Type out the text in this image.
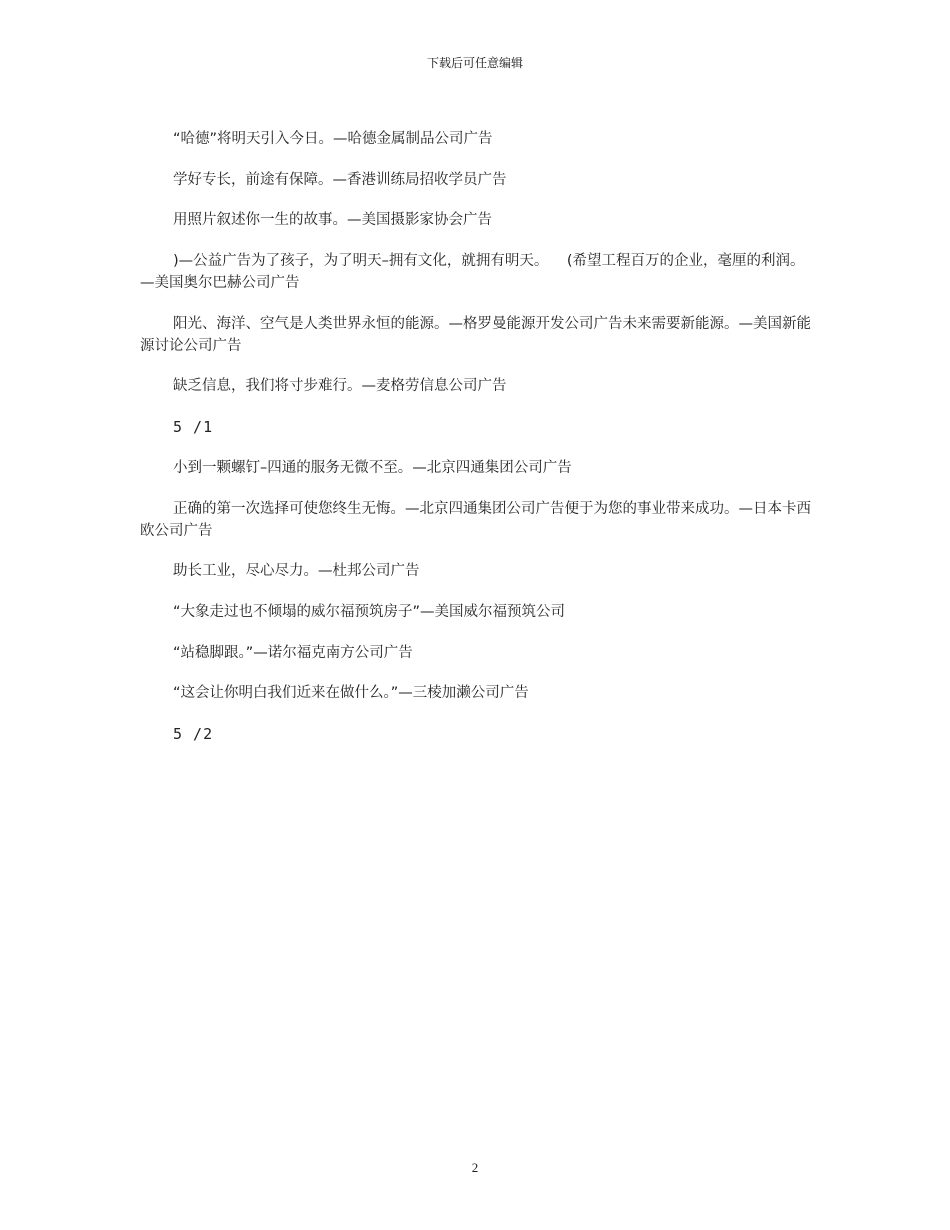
下载后可任意编辑

“哈德”将明天引入今日。—哈德金属制品公司广告

学好专长，前途有保障。—香港训练局招收学员广告

用照片叙述你一生的故事。—美国摄影家协会广告

)—公益广告为了孩子，为了明天–拥有文化，就拥有明天。    (希望工程百万的企业，毫厘的利润。—美国奥尔巴赫公司广告

阳光、海洋、空气是人类世界永恒的能源。—格罗曼能源开发公司广告未来需要新能源。—美国新能源讨论公司广告

缺乏信息，我们将寸步难行。—麦格劳信息公司广告

5 /1

小到一颗螺钉–四通的服务无微不至。—北京四通集团公司广告

正确的第一次选择可使您终生无悔。—北京四通集团公司广告便于为您的事业带来成功。—日本卡西欧公司广告

助长工业，尽心尽力。—杜邦公司广告

“大象走过也不倾塌的威尔福预筑房子”—美国威尔福预筑公司

“站稳脚跟。”—诺尔福克南方公司广告

“这会让你明白我们近来在做什么。”—三棱加濑公司广告

5 /2

2
